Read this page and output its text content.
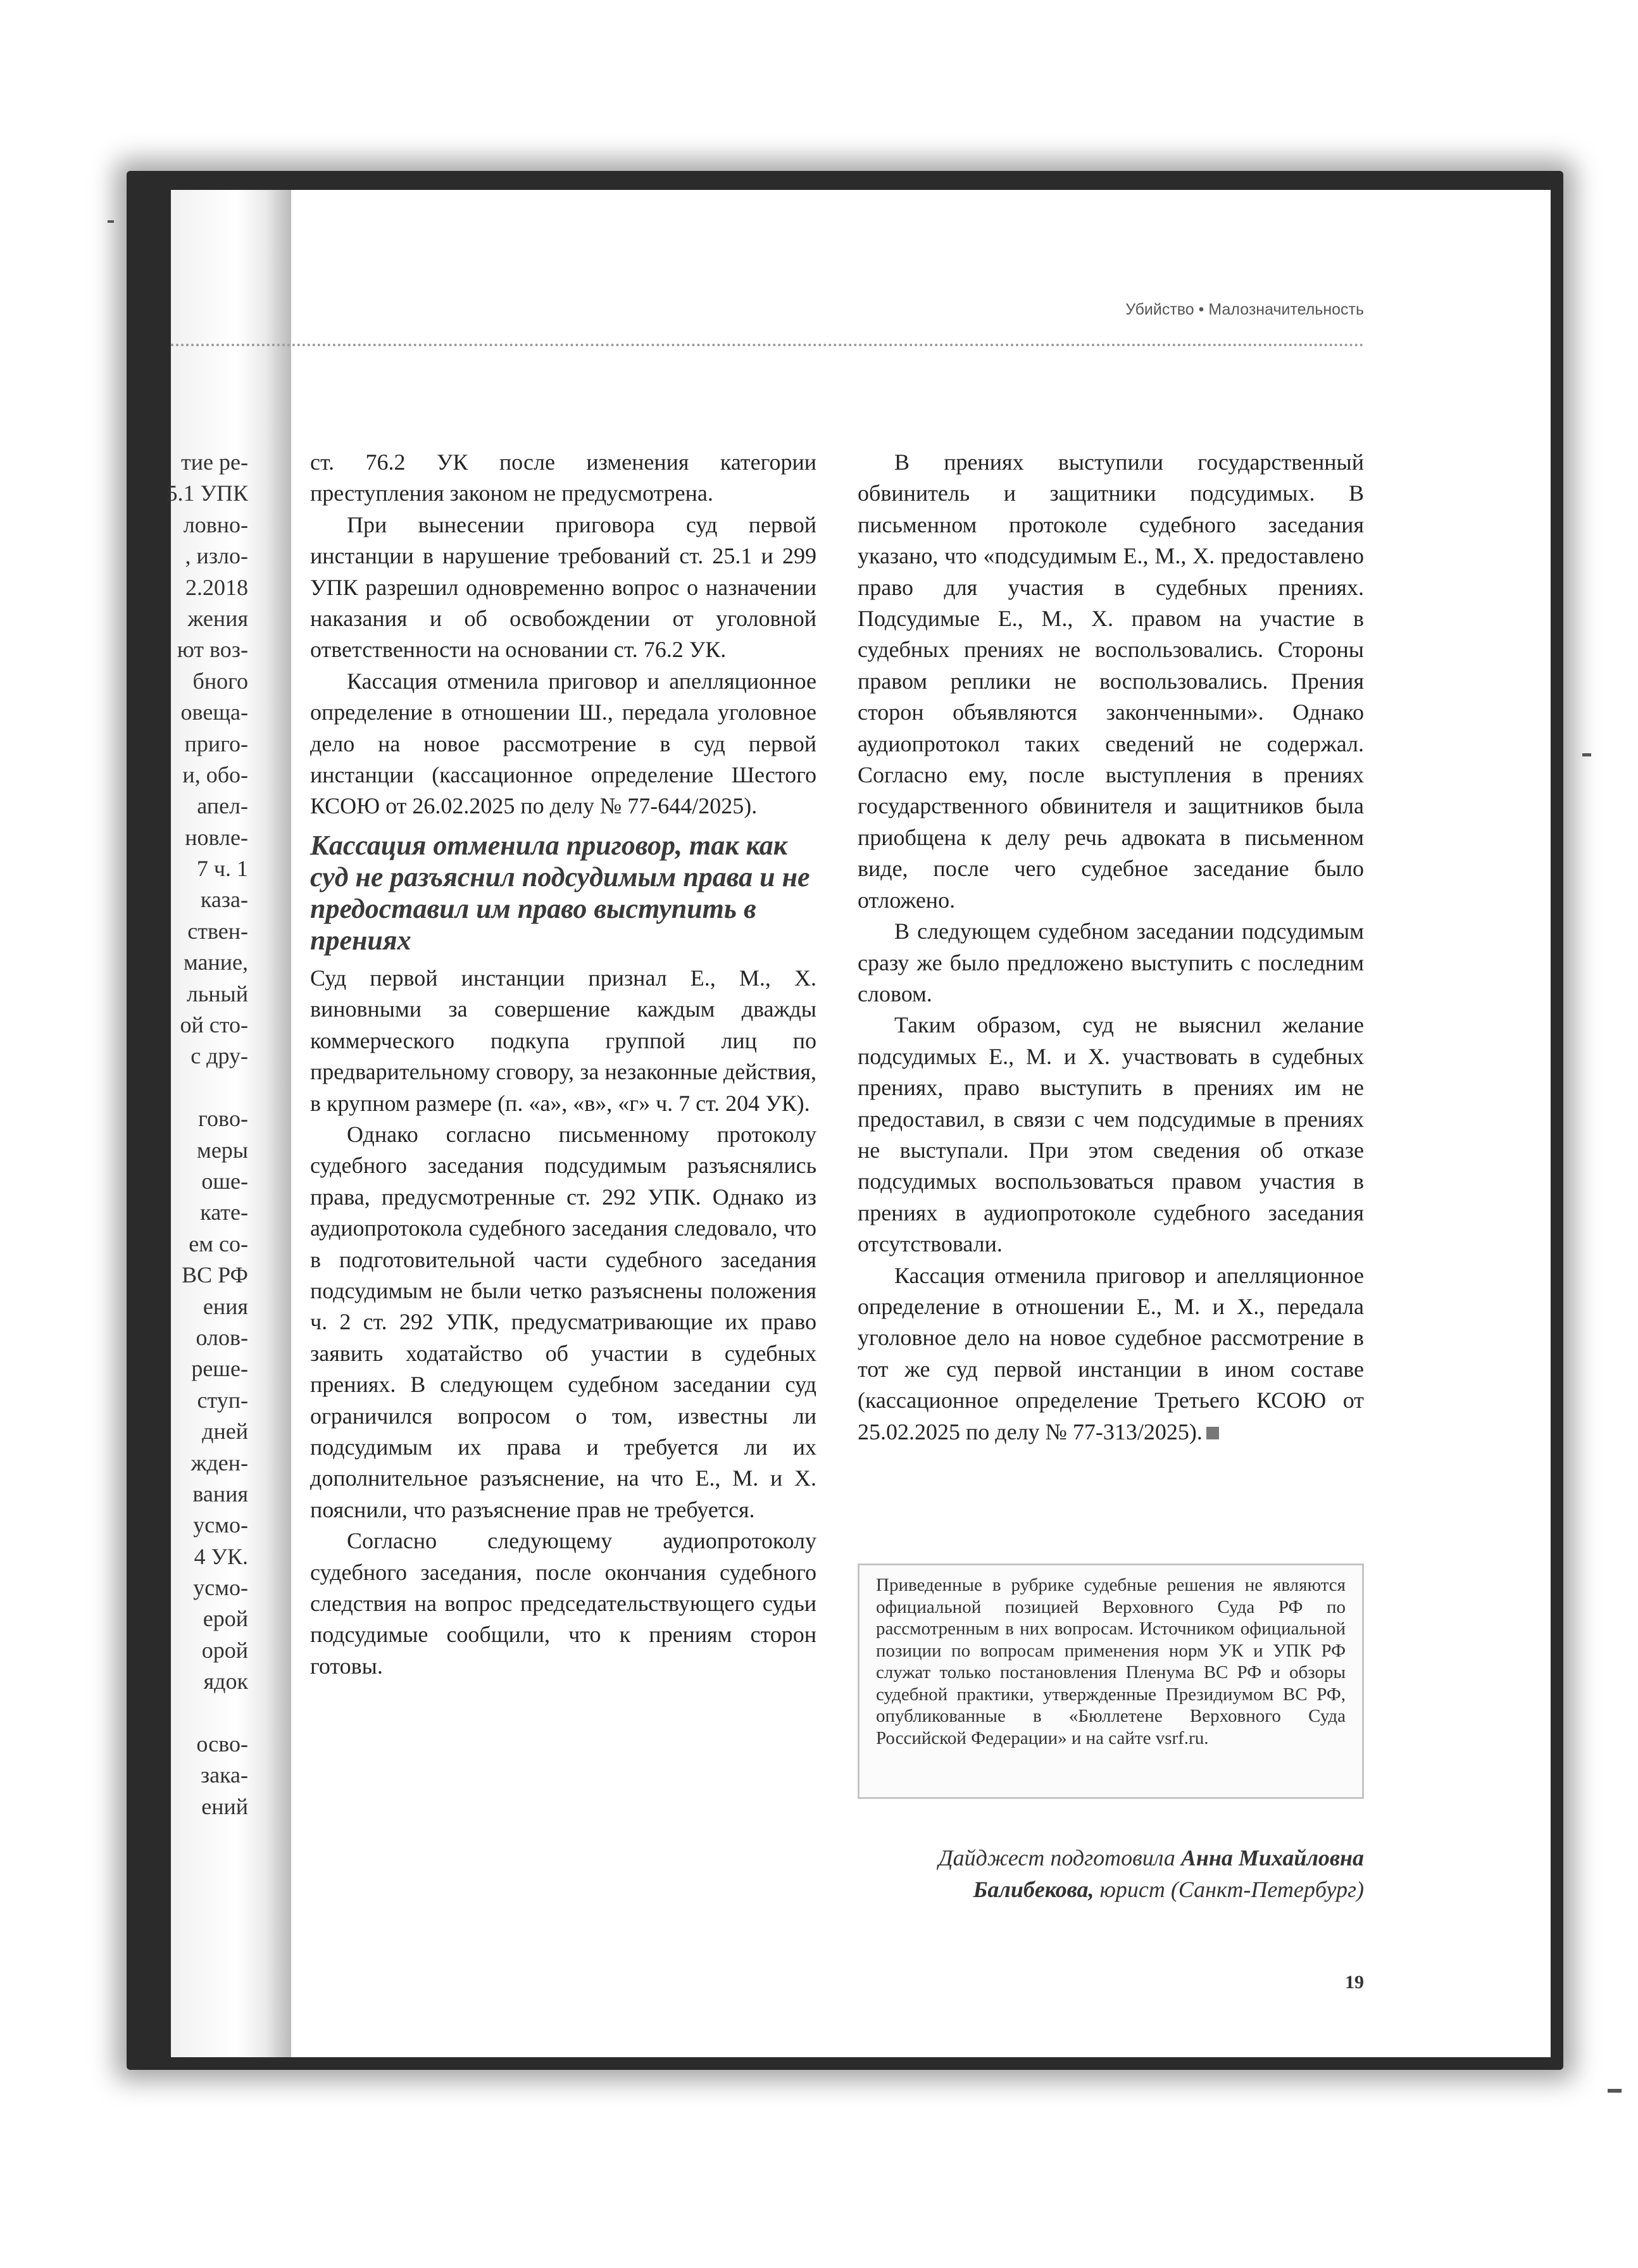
Убийство • Малозначительность
тие ре-
5.1 УПК
ловно-
, изло-
2.2018
жения
ют воз-
бного
овеща-
приго-
и, обо-
апел-
новле-
7 ч. 1
каза-
ствен-
мание,
льный
ой сто-
с дру-
говo-
меры
оше-
кате-
ем со-
ВС РФ
ения
олов-
реше-
ступ-
дней
жден-
вания
усмо-
4 УК.
усмо-
ерой
орой
ядок
осво-
зака-
ений

ст. 76.2 УК после изменения категории преступления законом не предусмотрена.

При вынесении приговора суд первой инстанции в нарушение требований ст. 25.1 и 299 УПК разрешил одновременно вопрос о назначении наказания и об освобождении от уголовной ответственности на основании ст. 76.2 УК.

Кассация отменила приговор и апелляционное определение в отношении Ш., передала уголовное дело на новое рассмотрение в суд первой инстанции (кассационное определение Шестого КСОЮ от 26.02.2025 по делу № 77-644/2025).

Кассация отменила приговор, так как суд не разъяснил подсудимым права и не предоставил им право выступить в прениях

Суд первой инстанции признал Е., М., Х. виновными за совершение каждым дважды коммерческого подкупа группой лиц по предварительному сговору, за незаконные действия, в крупном размере (п. «а», «в», «г» ч. 7 ст. 204 УК).

Однако согласно письменному протоколу судебного заседания подсудимым разъяснялись права, предусмотренные ст. 292 УПК. Однако из аудиопротокола судебного заседания следовало, что в подготовительной части судебного заседания подсудимым не были четко разъяснены положения ч. 2 ст. 292 УПК, предусматривающие их право заявить ходатайство об участии в судебных прениях. В следующем судебном заседании суд ограничился вопросом о том, известны ли подсудимым их права и требуется ли их дополнительное разъяснение, на что Е., М. и Х. пояснили, что разъяснение прав не требуется.

Согласно следующему аудиопротоколу судебного заседания, после окончания судебного следствия на вопрос председательствующего судьи подсудимые сообщили, что к прениям сторон готовы.

В прениях выступили государственный обвинитель и защитники подсудимых. В письменном протоколе судебного заседания указано, что «подсудимым Е., М., Х. предоставлено право для участия в судебных прениях. Подсудимые Е., М., Х. правом на участие в судебных прениях не воспользовались. Стороны правом реплики не воспользовались. Прения сторон объявляются законченными». Однако аудиопротокол таких сведений не содержал. Согласно ему, после выступления в прениях государственного обвинителя и защитников была приобщена к делу речь адвоката в письменном виде, после чего судебное заседание было отложено.

В следующем судебном заседании подсудимым сразу же было предложено выступить с последним словом.

Таким образом, суд не выяснил желание подсудимых Е., М. и Х. участвовать в судебных прениях, право выступить в прениях им не предоставил, в связи с чем подсудимые в прениях не выступали. При этом сведения об отказе подсудимых воспользоваться правом участия в прениях в аудиопротоколе судебного заседания отсутствовали.

Кассация отменила приговор и апелляционное определение в отношении Е., М. и Х., передала уголовное дело на новое судебное рассмотрение в тот же суд первой инстанции в ином составе (кассационное определение Третьего КСОЮ от 25.02.2025 по делу № 77-313/2025).

Приведенные в рубрике судебные решения не являются официальной позицией Верховного Суда РФ по рассмотренным в них вопросам. Источником официальной позиции по вопросам применения норм УК и УПК РФ служат только постановления Пленума ВС РФ и обзоры судебной практики, утвержденные Президиумом ВС РФ, опубликованные в «Бюллетене Верховного Суда Российской Федерации» и на сайте vsrf.ru.
Дайджест подготовила Анна Михайловна Балибекова, юрист (Санкт-Петербург)
19
